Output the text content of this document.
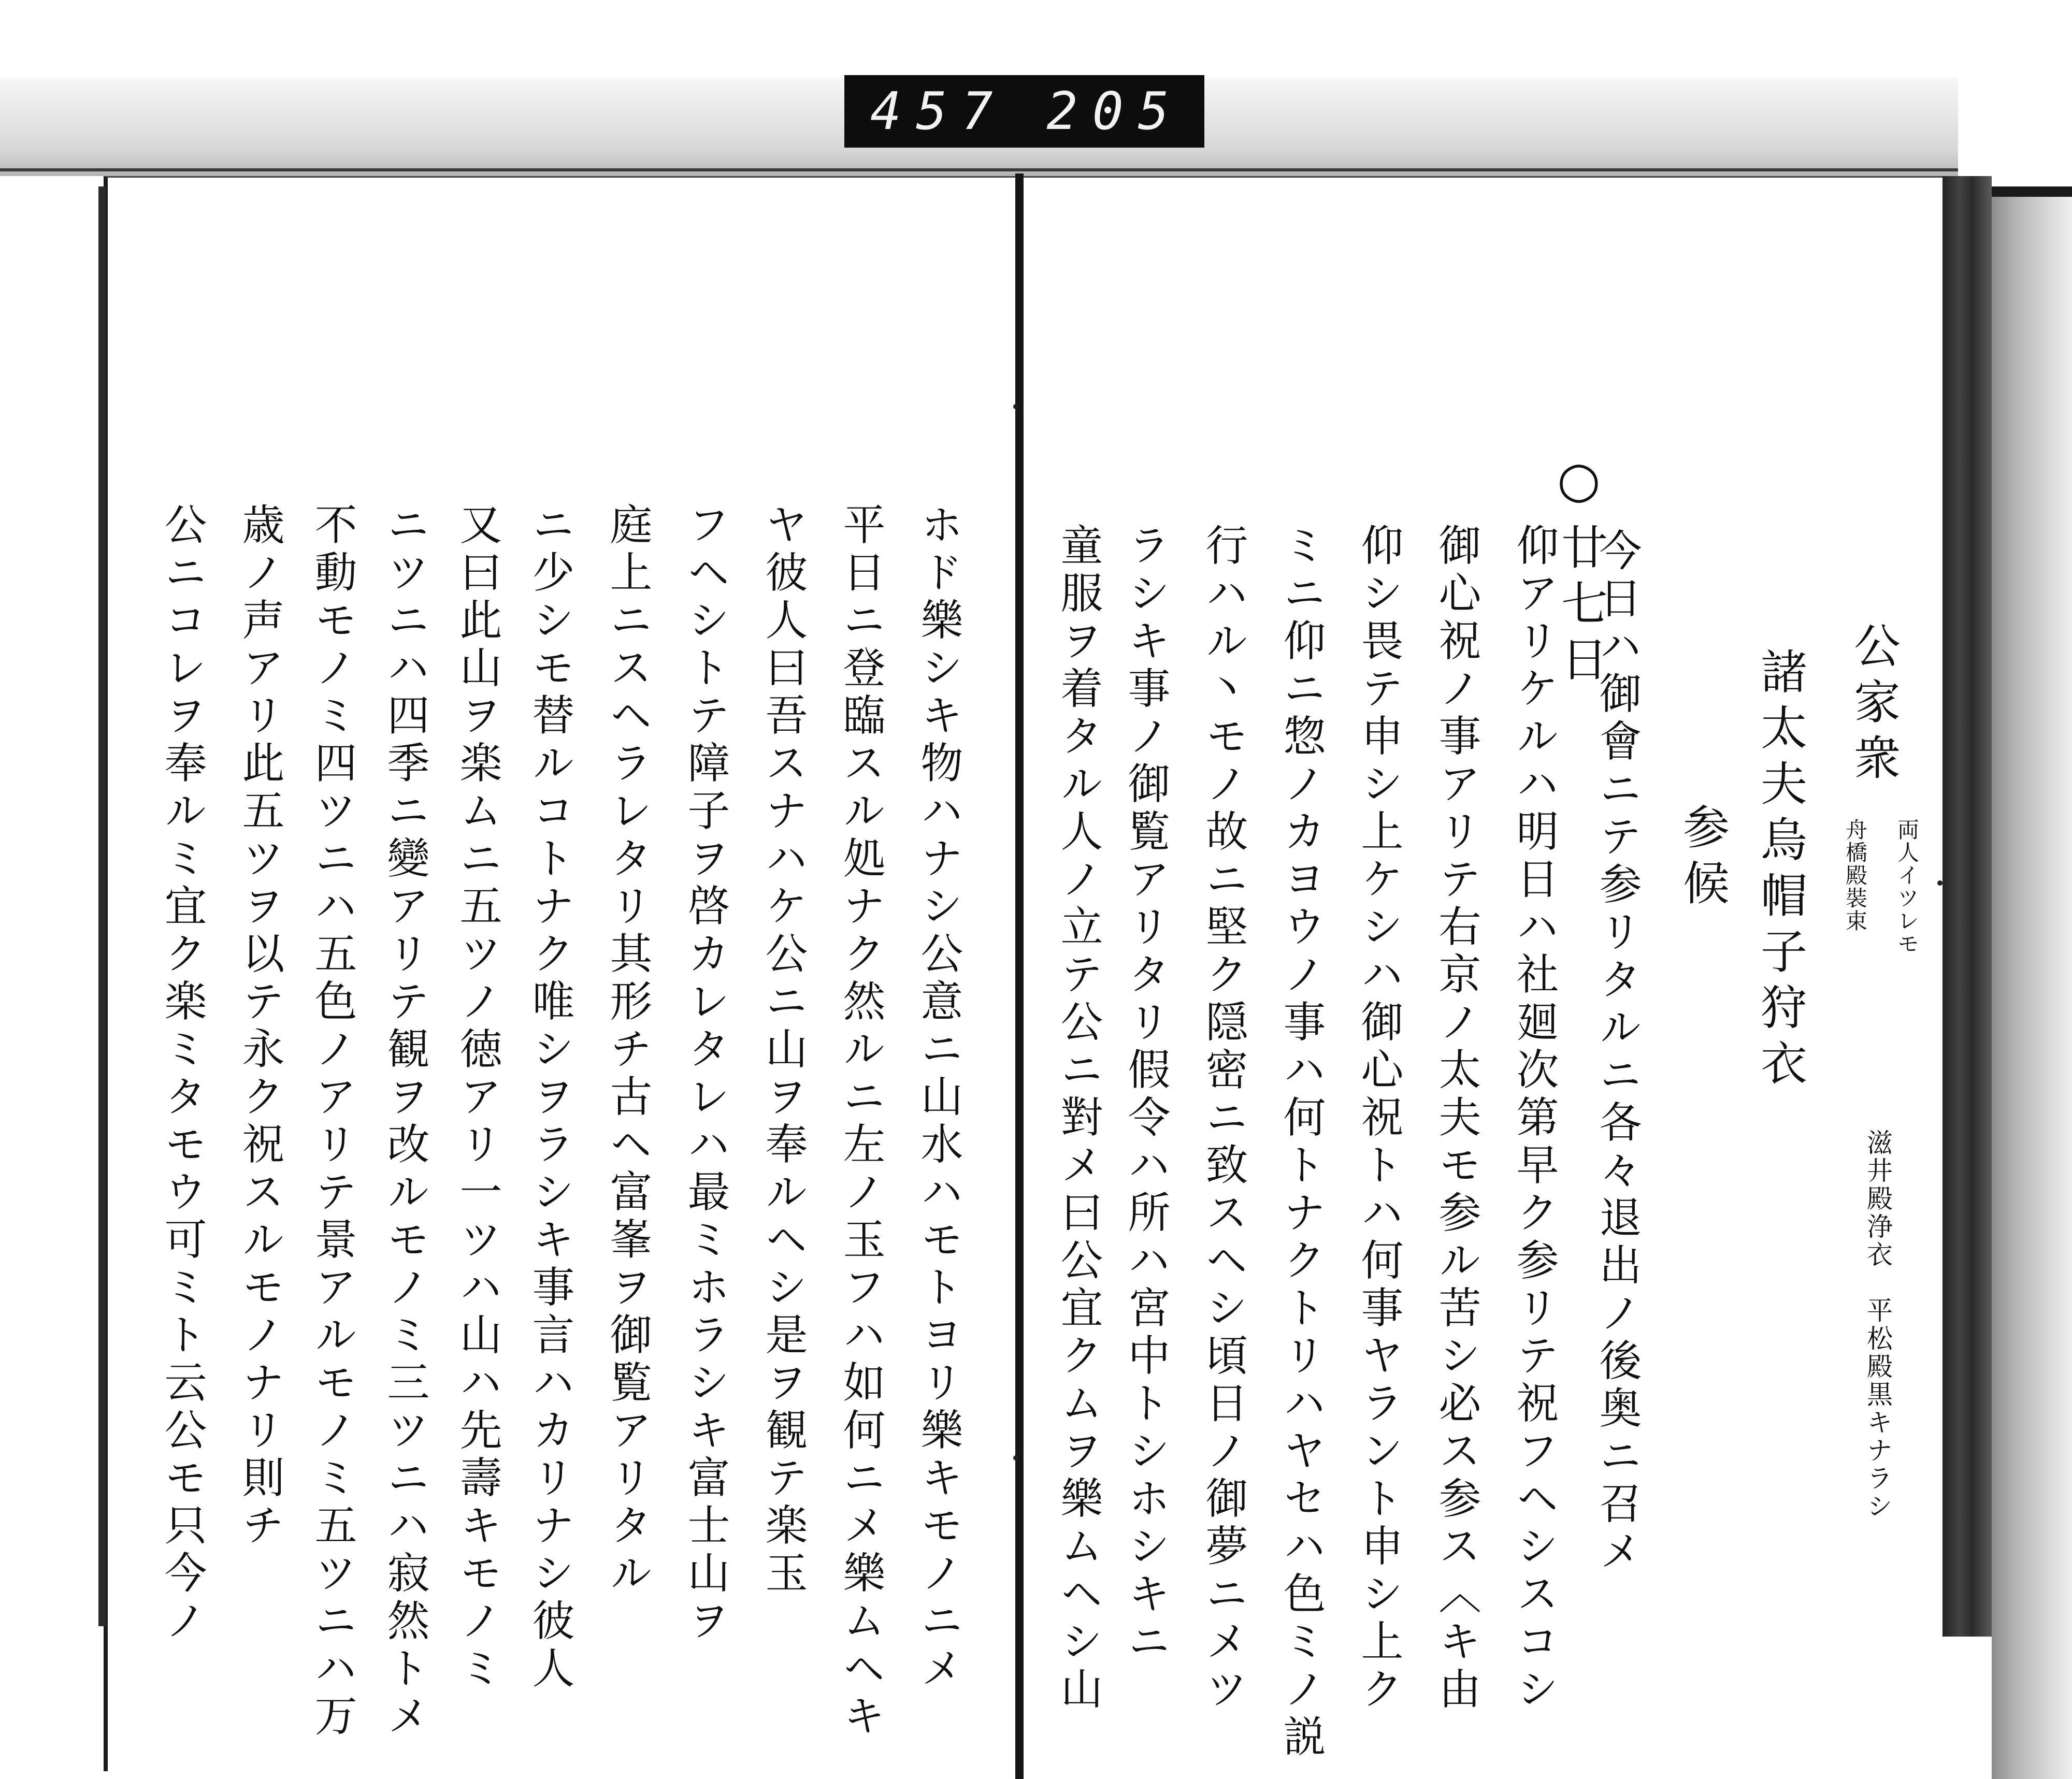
457 205
公家衆
両人イツレモ
舟橋殿裝束
滋井殿浄衣　平松殿黒キナラシ
諸太夫烏帽子狩衣
参候
○
廿七日
今日ハ御會ニテ参リタルニ各々退出ノ後奥ニ召メ
仰アリケルハ明日ハ社廻次第早ク参リテ祝フヘシスコシ
御心祝ノ事アリテ右京ノ太夫モ参ル苦シ必ス参ス〈キ由
仰シ畏テ申シ上ケシハ御心祝トハ何事ヤラント申シ上ク
ミニ仰ニ惣ノカヨウノ事ハ何トナクトリハヤセハ色ミノ説
行ハル丶モノ故ニ堅ク隠密ニ致スヘシ頃日ノ御夢ニメツ
ラシキ事ノ御覧アリタリ假令ハ所ハ宮中トシホシキニ
童服ヲ着タル人ノ立テ公ニ對メ曰公宜クムヲ樂ムヘシ山
ホド樂シキ物ハナシ公意ニ山水ハモトヨリ樂キモノニメ
平日ニ登臨スル処ナク然ルニ左ノ玉フハ如何ニメ樂ムヘキ
ヤ彼人曰吾スナハケ公ニ山ヲ奉ルヘシ是ヲ観テ楽玉
フヘシトテ障子ヲ啓カレタレハ最ミホラシキ富士山ヲ
庭上ニスヘラレタリ其形チ古ヘ富峯ヲ御覧アリタル
ニ少シモ替ルコトナク唯シヲラシキ事言ハカリナシ彼人
又曰此山ヲ楽ムニ五ツノ徳アリ一ツハ山ハ先壽キモノミ
ニツニハ四季ニ變アリテ観ヲ改ルモノミ三ツニハ寂然トメ
不動モノミ四ツニハ五色ノアリテ景アルモノミ五ツニハ万
歳ノ声アリ此五ツヲ以テ永ク祝スルモノナリ則チ
公ニコレヲ奉ルミ宜ク楽ミタモウ可ミト云公モ只今ノ
